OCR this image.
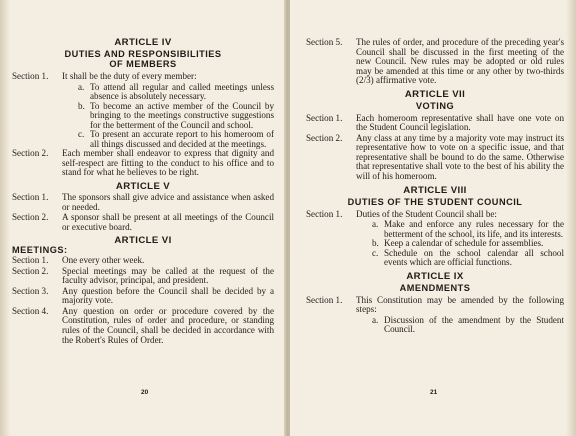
ARTICLE IV
DUTIES AND RESPONSIBILITIES
OF MEMBERS
Section 1.	It shall be the duty of every member:
a. To attend all regular and called meetings unless absence is absolutely necessary.
b. To become an active member of the Council by bringing to the meetings constructive suggestions for the betterment of the Council and school.
c. To present an accurate report to his homeroom of all things discussed and decided at the meetings.
Section 2.	Each member shall endeavor to express that dignity and self-respect are fitting to the conduct to his office and to stand for what he believes to be right.
ARTICLE V
Section 1.	The sponsors shall give advice and assistance when asked or needed.
Section 2.	A sponsor shall be present at all meetings of the Council or executive board.
ARTICLE VI
MEETINGS:
Section 1.	One every other week.
Section 2.	Special meetings may be called at the request of the faculty advisor, principal, and president.
Section 3.	Any question before the Council shall be decided by a majority vote.
Section 4.	Any question on order or procedure covered by the Constitution, rules of order and procedure, or standing rules of the Council, shall be decided in accordance with the Robert's Rules of Order.
20
Section 5.	The rules of order, and procedure of the preceding year's Council shall be discussed in the first meeting of the new Council. New rules may be adopted or old rules may be amended at this time or any other by two-thirds (2/3) affirmative vote.
ARTICLE VII
VOTING
Section 1.	Each homeroom representative shall have one vote on the Student Council legislation.
Section 2.	Any class at any time by a majority vote may instruct its representative how to vote on a specific issue, and that representative shall be bound to do the same. Otherwise that representative shall vote to the best of his ability the will of his homeroom.
ARTICLE VIII
DUTIES OF THE STUDENT COUNCIL
Section 1.	Duties of the Student Council shall be:
a. Make and enforce any rules necessary for the betterment of the school, its life, and its interests.
b. Keep a calendar of schedule for assemblies.
c. Schedule on the school calendar all school events which are official functions.
ARTICLE IX
AMENDMENTS
Section 1.	This Constitution may be amended by the following steps:
a. Discussion of the amendment by the Student Council.
21
